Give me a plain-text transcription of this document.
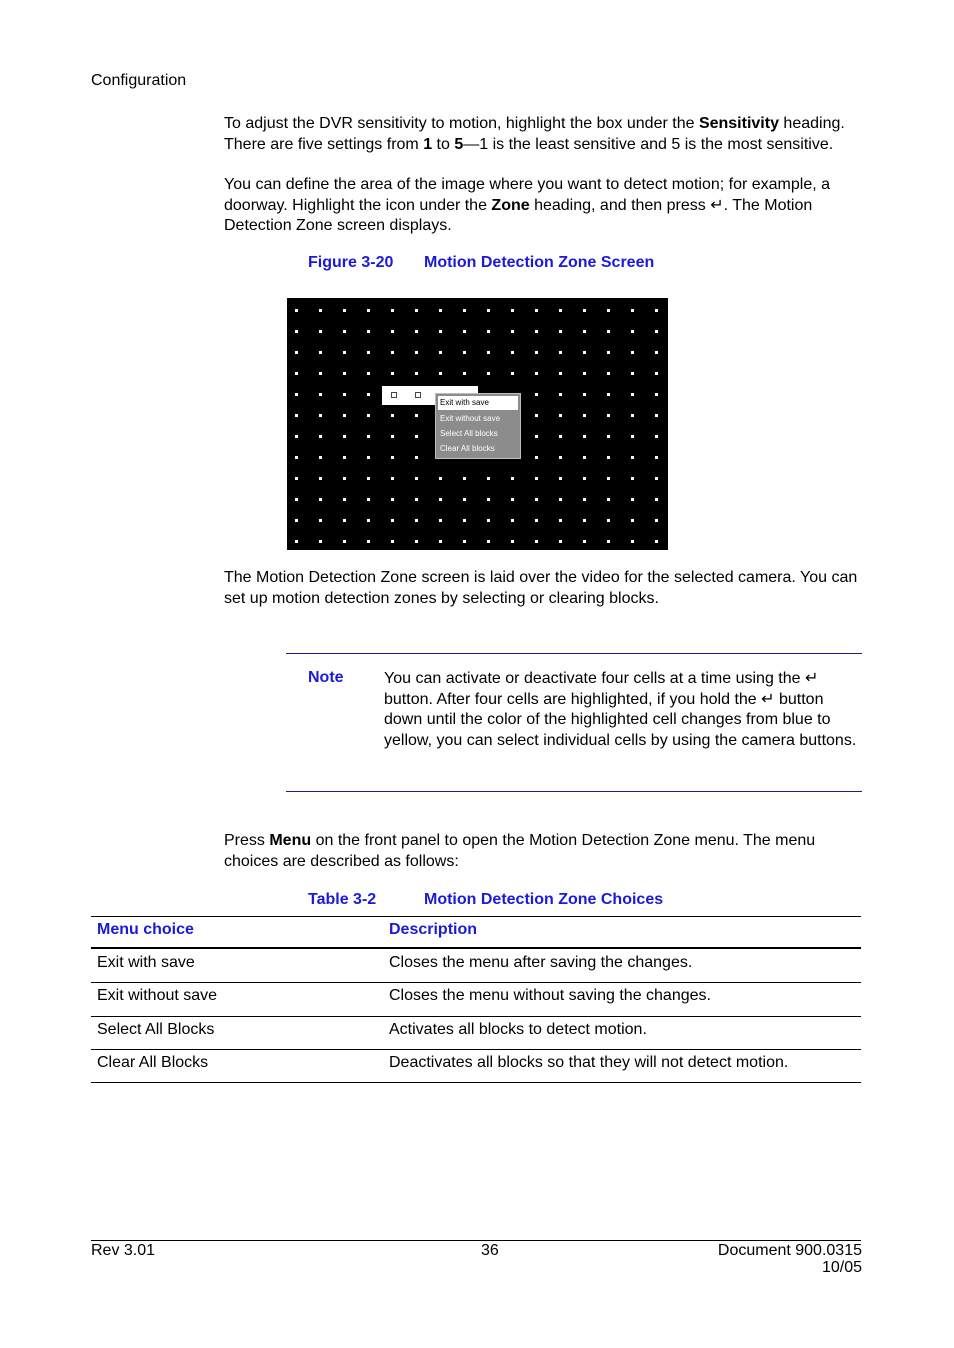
Configuration
To adjust the DVR sensitivity to motion, highlight the box under the Sensitivity heading. There are five settings from 1 to 5—1 is the least sensitive and 5 is the most sensitive.
You can define the area of the image where you want to detect motion; for example, a doorway. Highlight the icon under the Zone heading, and then press ↵. The Motion Detection Zone screen displays.
Figure 3-20 Motion Detection Zone Screen
Exit with save
Exit without save
Select All blocks
Clear All blocks
The Motion Detection Zone screen is laid over the video for the selected camera. You can set up motion detection zones by selecting or clearing blocks.
Note	You can activate or deactivate four cells at a time using the ↵ button. After four cells are highlighted, if you hold the ↵ button down until the color of the highlighted cell changes from blue to yellow, you can select individual cells by using the camera buttons.
Press Menu on the front panel to open the Motion Detection Zone menu. The menu choices are described as follows:
Table 3-2	Motion Detection Zone Choices
Menu choice	Description
Exit with save	Closes the menu after saving the changes.
Exit without save	Closes the menu without saving the changes.
Select All Blocks	Activates all blocks to detect motion.
Clear All Blocks	Deactivates all blocks so that they will not detect motion.
Rev 3.01	36	Document 900.0315
10/05
